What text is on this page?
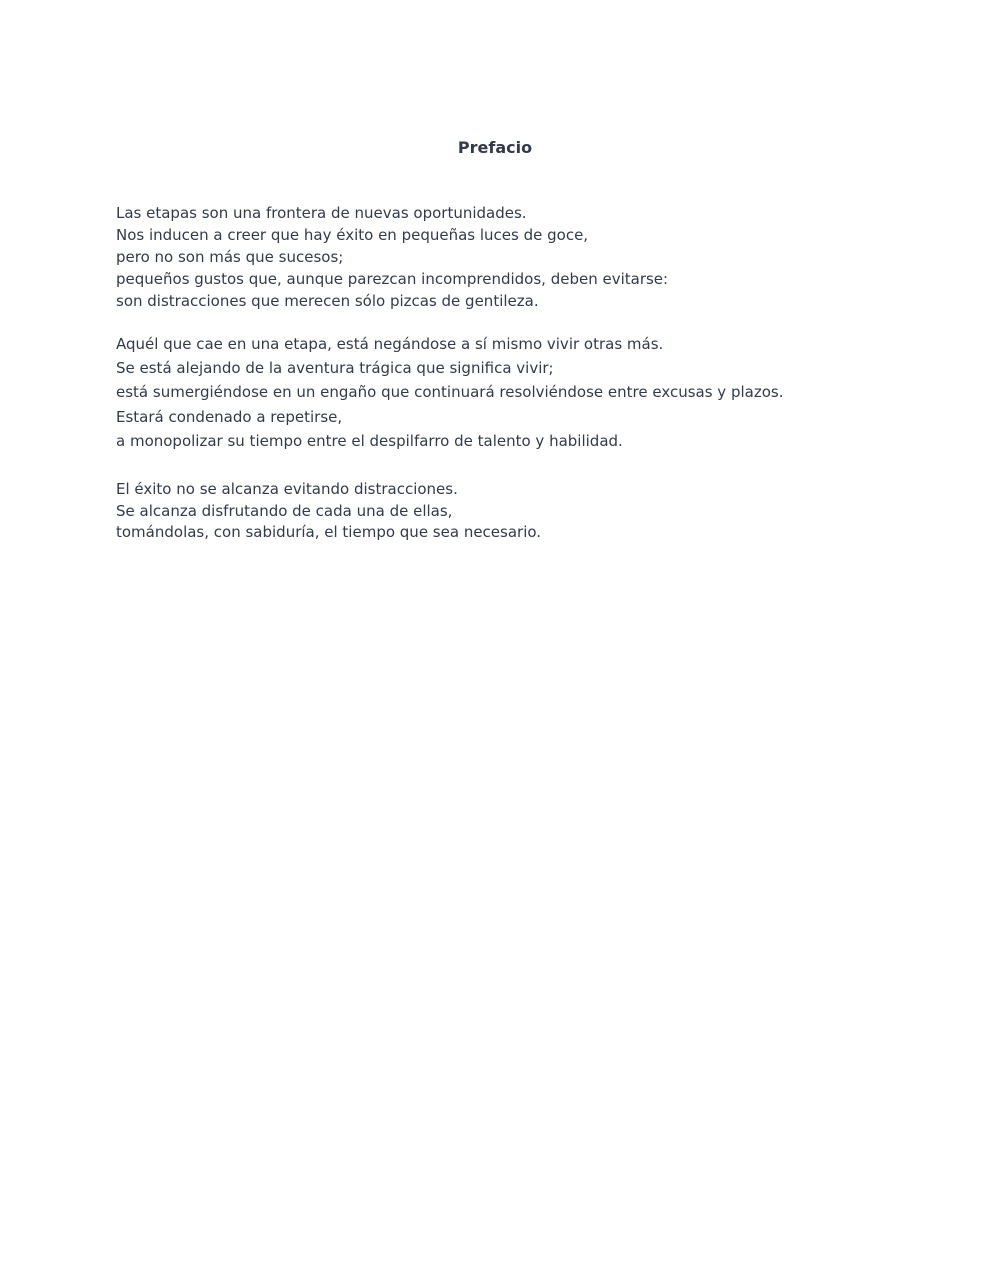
Prefacio
Las etapas son una frontera de nuevas oportunidades.
Nos inducen a creer que hay éxito en pequeñas luces de goce,
pero no son más que sucesos;
pequeños gustos que, aunque parezcan incomprendidos, deben evitarse:
son distracciones que merecen sólo pizcas de gentileza.
Aquél que cae en una etapa, está negándose a sí mismo vivir otras más.
Se está alejando de la aventura trágica que significa vivir;
está sumergiéndose en un engaño que continuará resolviéndose entre excusas y plazos.
Estará condenado a repetirse,
a monopolizar su tiempo entre el despilfarro de talento y habilidad.
El éxito no se alcanza evitando distracciones.
Se alcanza disfrutando de cada una de ellas,
tomándolas, con sabiduría, el tiempo que sea necesario.
